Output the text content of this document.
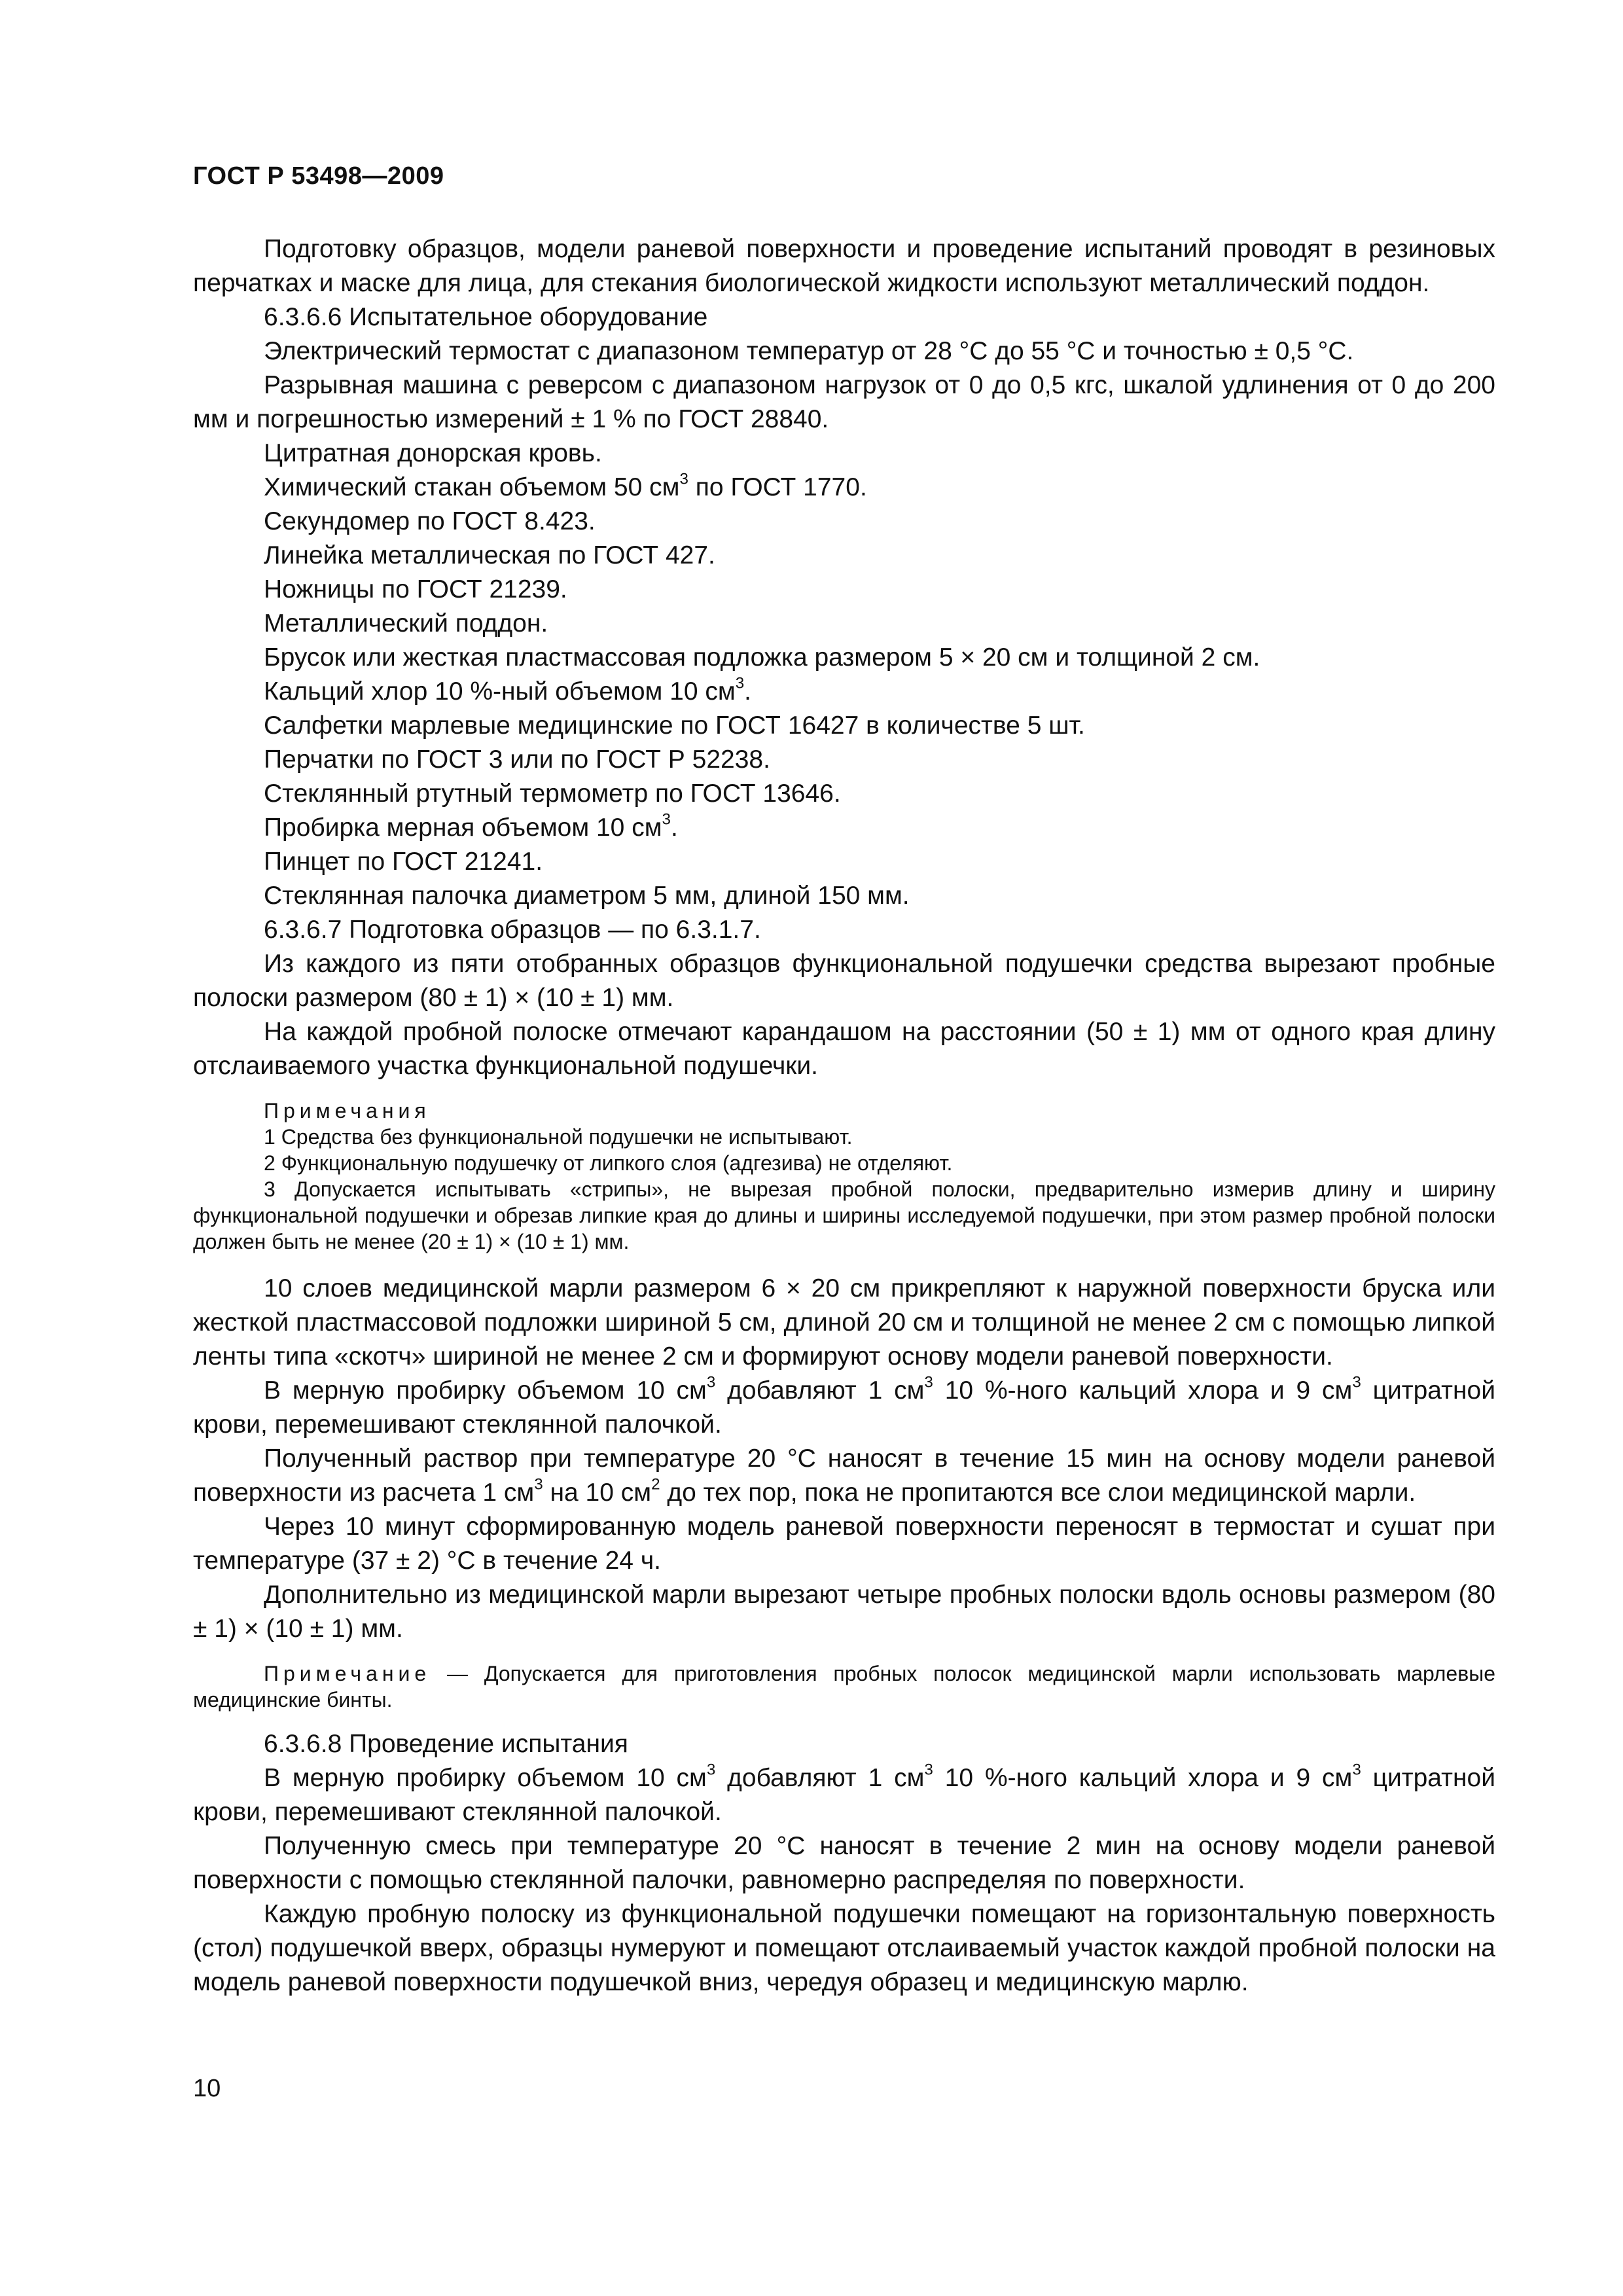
ГОСТ Р 53498—2009

Подготовку образцов, модели раневой поверхности и проведение испытаний проводят в резиновых перчатках и маске для лица, для стекания биологической жидкости используют металлический поддон.

6.3.6.6 Испытательное оборудование

Электрический термостат с диапазоном температур от 28 °С до 55 °С и точностью ± 0,5 °С.

Разрывная машина с реверсом с диапазоном нагрузок от 0 до 0,5 кгс, шкалой удлинения от 0 до 200 мм и погрешностью измерений ± 1 % по ГОСТ 28840.

Цитратная донорская кровь.

Химический стакан объемом 50 $см^3$ по ГОСТ 1770.

Секундомер по ГОСТ 8.423.

Линейка металлическая по ГОСТ 427.

Ножницы по ГОСТ 21239.

Металлический поддон.

Брусок или жесткая пластмассовая подложка размером 5 × 20 см и толщиной 2 см.

Кальций хлор 10 %-ный объемом 10 $см^3$.

Салфетки марлевые медицинские по ГОСТ 16427 в количестве 5 шт.

Перчатки по ГОСТ 3 или по ГОСТ Р 52238.

Стеклянный ртутный термометр по ГОСТ 13646.

Пробирка мерная объемом 10 $см^3$.

Пинцет по ГОСТ 21241.

Стеклянная палочка диаметром 5 мм, длиной 150 мм.

6.3.6.7 Подготовка образцов — по 6.3.1.7.

Из каждого из пяти отобранных образцов функциональной подушечки средства вырезают пробные полоски размером (80 ± 1) × (10 ± 1) мм.

На каждой пробной полоске отмечают карандашом на расстоянии (50 ± 1) мм от одного края длину отслаиваемого участка функциональной подушечки.

Примечания

1 Средства без функциональной подушечки не испытывают.

2 Функциональную подушечку от липкого слоя (адгезива) не отделяют.

3 Допускается испытывать «стрипы», не вырезая пробной полоски, предварительно измерив длину и ширину функциональной подушечки и обрезав липкие края до длины и ширины исследуемой подушечки, при этом размер пробной полоски должен быть не менее (20 ± 1) × (10 ± 1) мм.

10 слоев медицинской марли размером 6 × 20 см прикрепляют к наружной поверхности бруска или жесткой пластмассовой подложки шириной 5 см, длиной 20 см и толщиной не менее 2 см с помощью липкой ленты типа «скотч» шириной не менее 2 см и формируют основу модели раневой поверхности.

В мерную пробирку объемом 10 $см^3$ добавляют 1 $см^3$ 10 %-ного кальций хлора и 9 $см^3$ цитратной крови, перемешивают стеклянной палочкой.

Полученный раствор при температуре 20 °С наносят в течение 15 мин на основу модели раневой поверхности из расчета 1 $см^3$ на 10 $см^2$ до тех пор, пока не пропитаются все слои медицинской марли.

Через 10 минут сформированную модель раневой поверхности переносят в термостат и сушат при температуре (37 ± 2) °С в течение 24 ч.

Дополнительно из медицинской марли вырезают четыре пробных полоски вдоль основы размером (80 ± 1) × (10 ± 1) мм.

Примечание — Допускается для приготовления пробных полосок медицинской марли использовать марлевые медицинские бинты.

6.3.6.8 Проведение испытания

В мерную пробирку объемом 10 $см^3$ добавляют 1 $см^3$ 10 %-ного кальций хлора и 9 $см^3$ цитратной крови, перемешивают стеклянной палочкой.

Полученную смесь при температуре 20 °С наносят в течение 2 мин на основу модели раневой поверхности с помощью стеклянной палочки, равномерно распределяя по поверхности.

Каждую пробную полоску из функциональной подушечки помещают на горизонтальную поверхность (стол) подушечкой вверх, образцы нумеруют и помещают отслаиваемый участок каждой пробной полоски на модель раневой поверхности подушечкой вниз, чередуя образец и медицинскую марлю.

10
